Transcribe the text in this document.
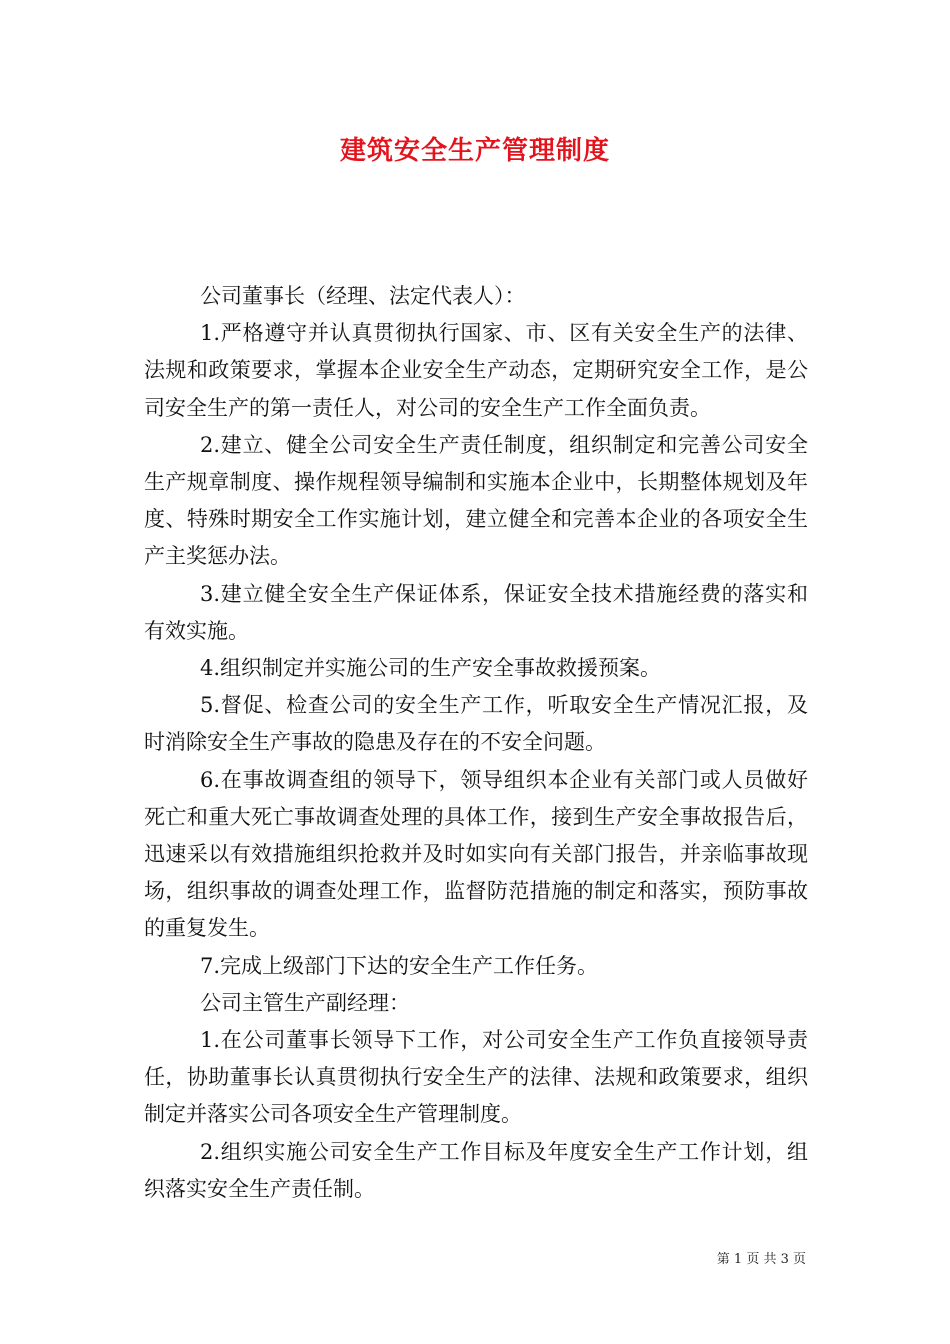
建筑安全生产管理制度

公司董事长（经理、法定代表人）：

1.严格遵守并认真贯彻执行国家、市、区有关安全生产的法律、法规和政策要求，掌握本企业安全生产动态，定期研究安全工作，是公司安全生产的第一责任人，对公司的安全生产工作全面负责。

2.建立、健全公司安全生产责任制度，组织制定和完善公司安全生产规章制度、操作规程领导编制和实施本企业中，长期整体规划及年度、特殊时期安全工作实施计划，建立健全和完善本企业的各项安全生产主奖惩办法。

3.建立健全安全生产保证体系，保证安全技术措施经费的落实和有效实施。

4.组织制定并实施公司的生产安全事故救援预案。

5.督促、检查公司的安全生产工作，听取安全生产情况汇报，及时消除安全生产事故的隐患及存在的不安全问题。

6.在事故调查组的领导下，领导组织本企业有关部门或人员做好死亡和重大死亡事故调查处理的具体工作，接到生产安全事故报告后，迅速采以有效措施组织抢救并及时如实向有关部门报告，并亲临事故现场，组织事故的调查处理工作，监督防范措施的制定和落实，预防事故的重复发生。

7.完成上级部门下达的安全生产工作任务。

公司主管生产副经理：

1.在公司董事长领导下工作，对公司安全生产工作负直接领导责任，协助董事长认真贯彻执行安全生产的法律、法规和政策要求，组织制定并落实公司各项安全生产管理制度。

2.组织实施公司安全生产工作目标及年度安全生产工作计划，组织落实安全生产责任制。

第 1 页 共 3 页
